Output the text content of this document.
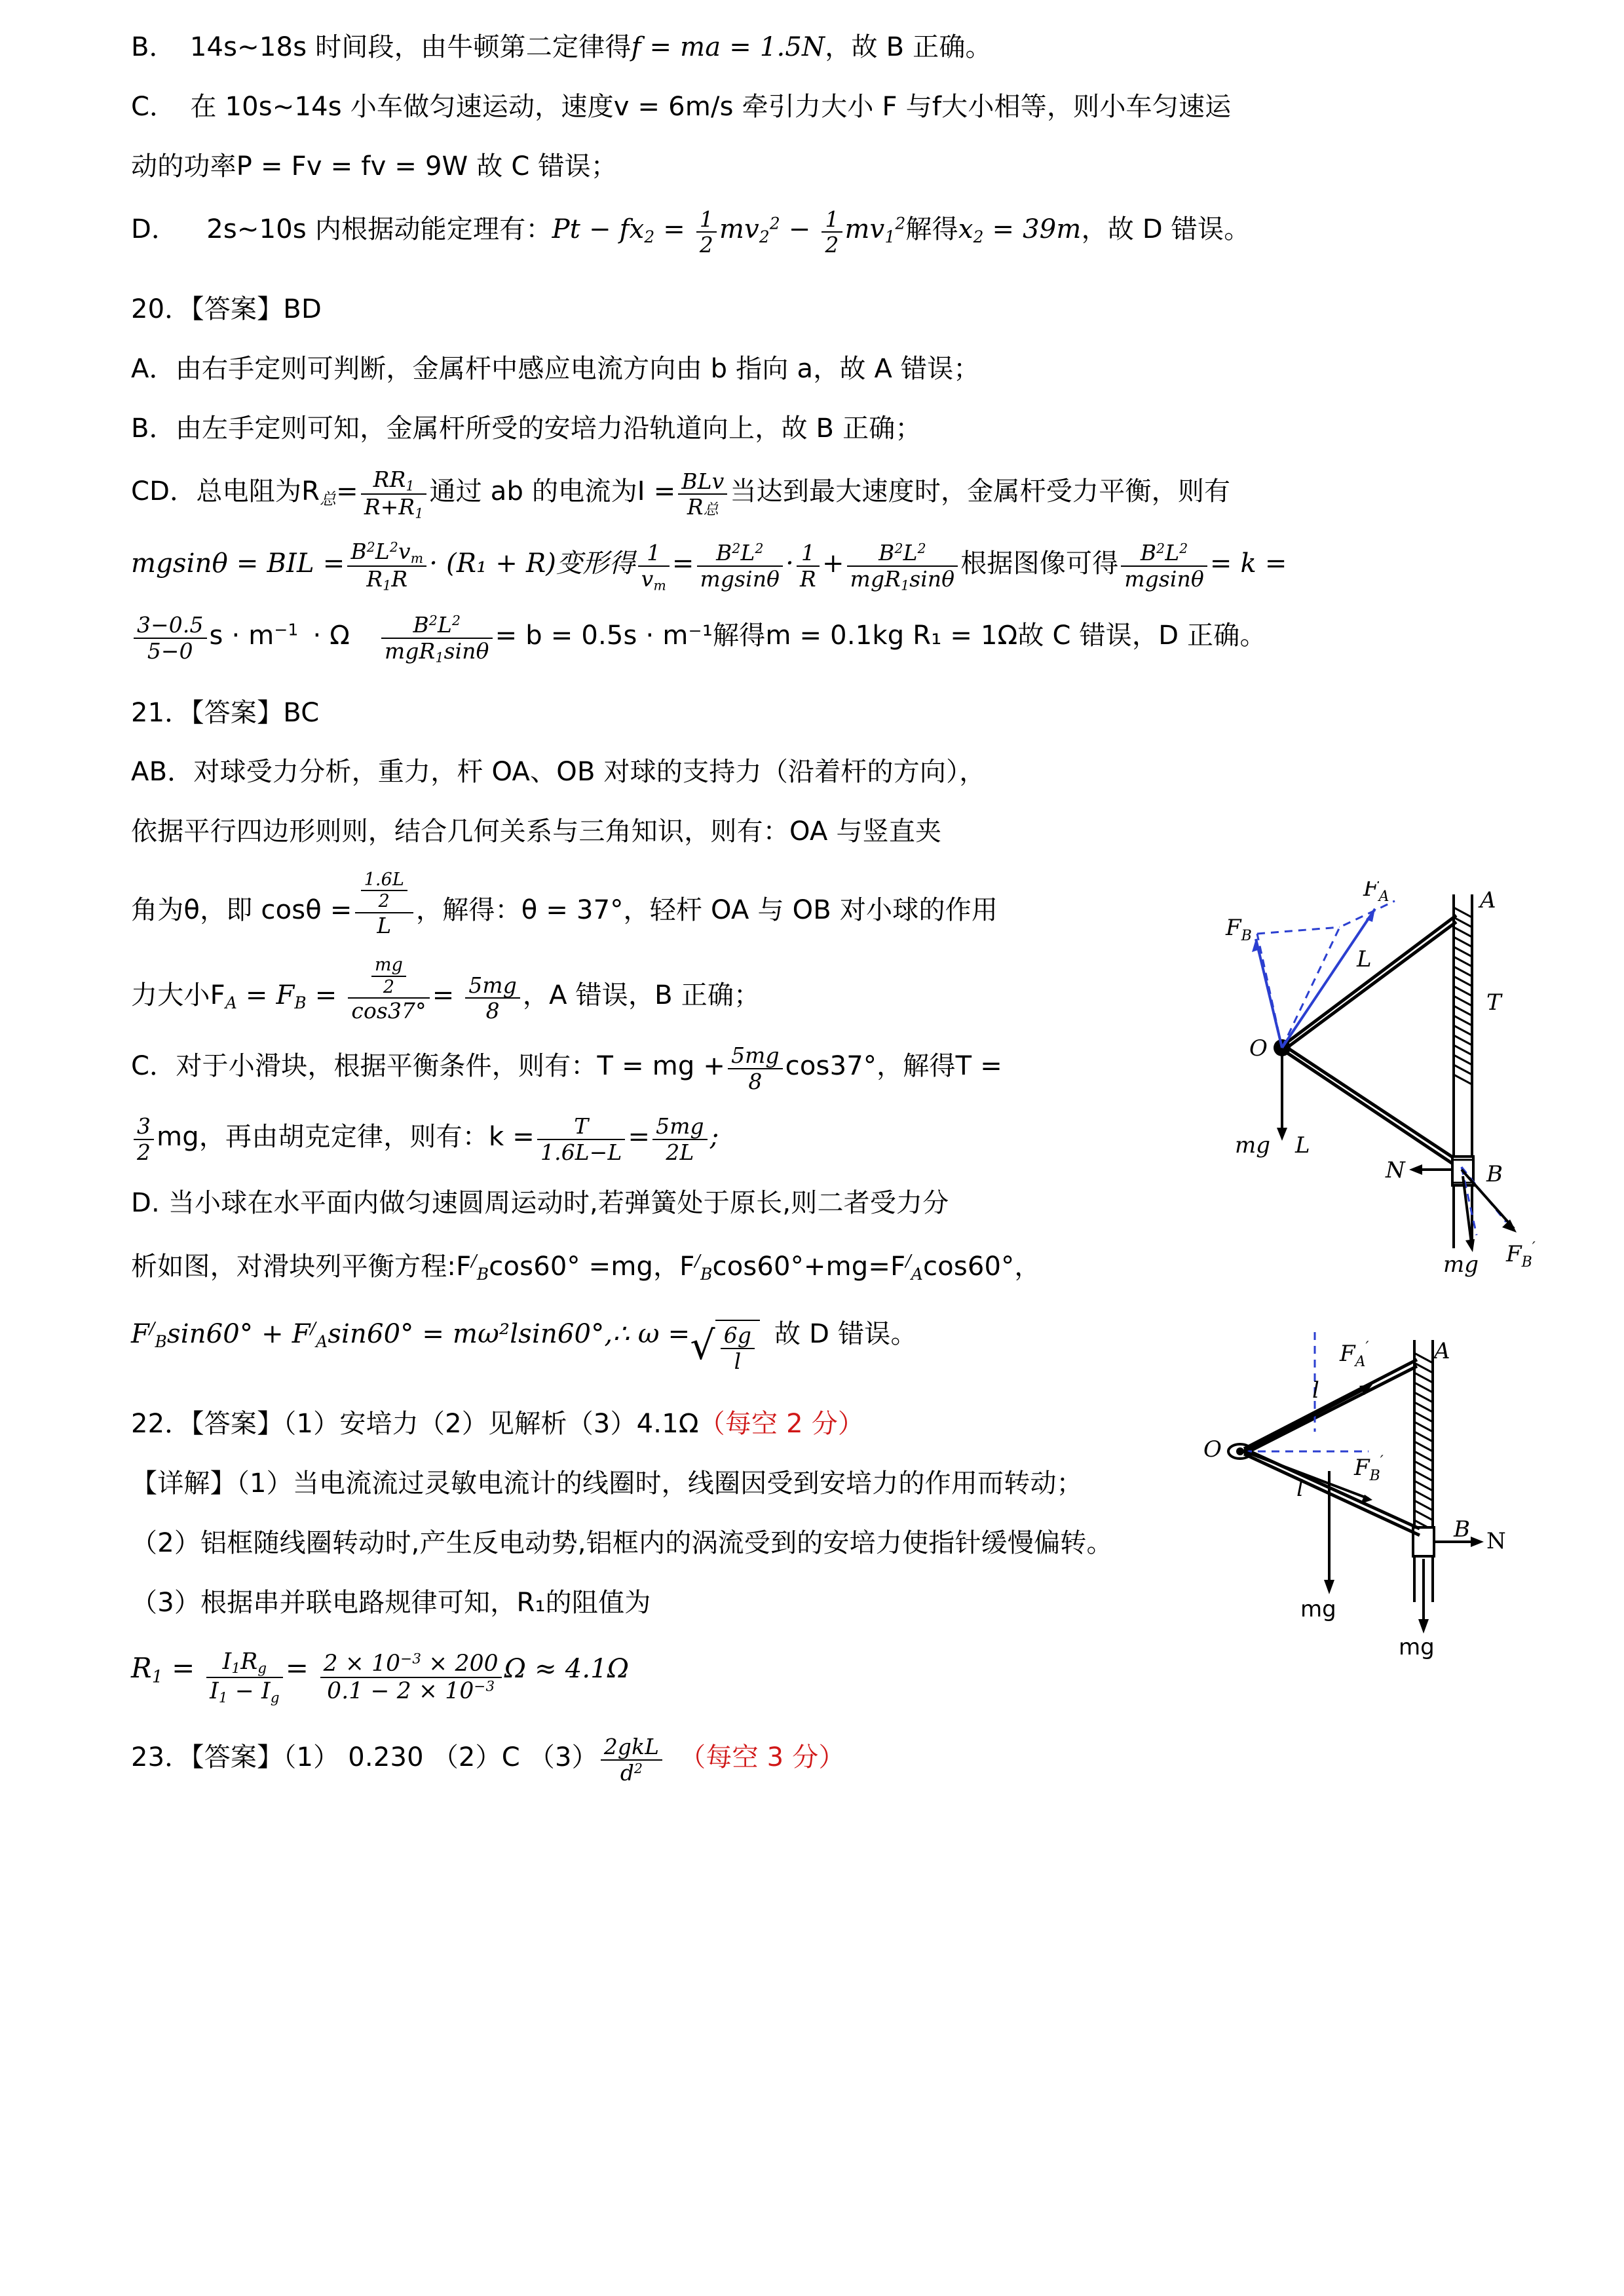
B． 14s~18s 时间段，由牛顿第二定律得f = ma = 1.5N，故 B 正确。
C． 在 10s~14s 小车做匀速运动，速度v = 6m/s 牵引力大小 F 与f大小相等，则小车匀速运
动的功率P = Fv = fv = 9W 故 C 错误；
D． 2s~10s 内根据动能定理有：$Pt - fx_2 = \frac{1}{2} mv_2^2 - \frac{1}{2} mv_1^2$解得$x_2 = 39m$，故 D 错误。
20．【答案】BD
A．由右手定则可判断，金属杆中感应电流方向由 b 指向 a，故 A 错误；
B．由左手定则可知，金属杆所受的安培力沿轨道向上，故 B 正确；
CD．总电阻为R总= $\frac{RR_1}{R+R_1}$ 通过 ab 的电流为$I = \frac{\text{BLv}}{\text{R总}}$ 当达到最大速度时，金属杆受力平衡，则有
mgsinθ = BIL = $\frac{B^2L^2v_m}{R_1R} \cdot (R_1 + R)$变形得 $\frac{1}{v_m} = \frac{B^2L^2}{mgsin\theta} \cdot \frac{1}{R} + \frac{B^2L^2}{mgR_1\sin\theta}$ 根据图像可得 $\frac{B^2L^2}{mgsin\theta} = k$ =
$\frac{3-0.5}{5-0}$ $s \cdot m^{-1} \cdot \Omega \frac{B^2L^2}{mgR_1\sin\theta} = b = 0.5s \cdot m^{-1}$解得m = 0.1kg R₁ = 1Ω故 C 错误，D 正确。
21．【答案】BC
AB．对球受力分析，重力，杆 OA、OB 对球的支持力（沿着杆的方向），
依据平行四边形则则，结合几何关系与三角知识，则有：OA 与竖直夹
角为θ，即 $\cos\theta = \frac{\frac{1.6L}{2}}{L}$ ，解得：θ = 37°，轻杆 OA 与 OB 对小球的作用
力大小$F_A = F_B = \frac{\frac{mg}{2}}{\cos 37^\circ} = \frac{5mg}{8}$ ，A 错误，B 正确；
C．对于小滑块，根据平衡条件，则有：T = mg + $\frac{5mg}{8} \cos 37^\circ$，解得T =
$\frac{3}{2}$ mg，再由胡克定律，则有：$k = \frac{T}{1.6L-L} = \frac{5mg}{2L}$ ;
D. 当小球在水平面内做匀速圆周运动时,若弹簧处于原长,则二者受力分
析如图，对滑块列平衡方程$:F^/_B\cos 60^\circ =mg$，$F^/_B\cos 60^\circ+mg=F^/_A\cos 60^\circ$，
$F^/_B\sin 60^\circ + F^/_A\sin 60^\circ$ = mω²lsin60°,∴ ω =√ $\frac{6g}{l}$ 故 D 错误。
22．【答案】（1）安培力（2）见解析（3）4.1Ω（每空 2 分）
【详解】（1）当电流流过灵敏电流计的线圈时，线圈因受到安培力的作用而转动；
（2）铝框随线圈转动时,产生反电动势,铝框内的涡流受到的安培力使指针缓慢偏转。
（3）根据串并联电路规律可知，R₁的阻值为
$R_1 = \frac{I_1R_g}{I_1 - I_g} = \frac{2 \times 10^{-3} \times 200}{0.1 - 2 \times 10^{-3}}$ Ω ≈ 4.1Ω
23．【答案】（1） 0.230 （2）C $(3) \frac{\text{2gkL}}{d^2}$ （每空 3 分）
$F_A$	A
$F_B$
L
O
T
mg L
N	B
mg $F_B'$
$F_A'$	A
l
$F_B'$
O
l
B N
mg
mg
